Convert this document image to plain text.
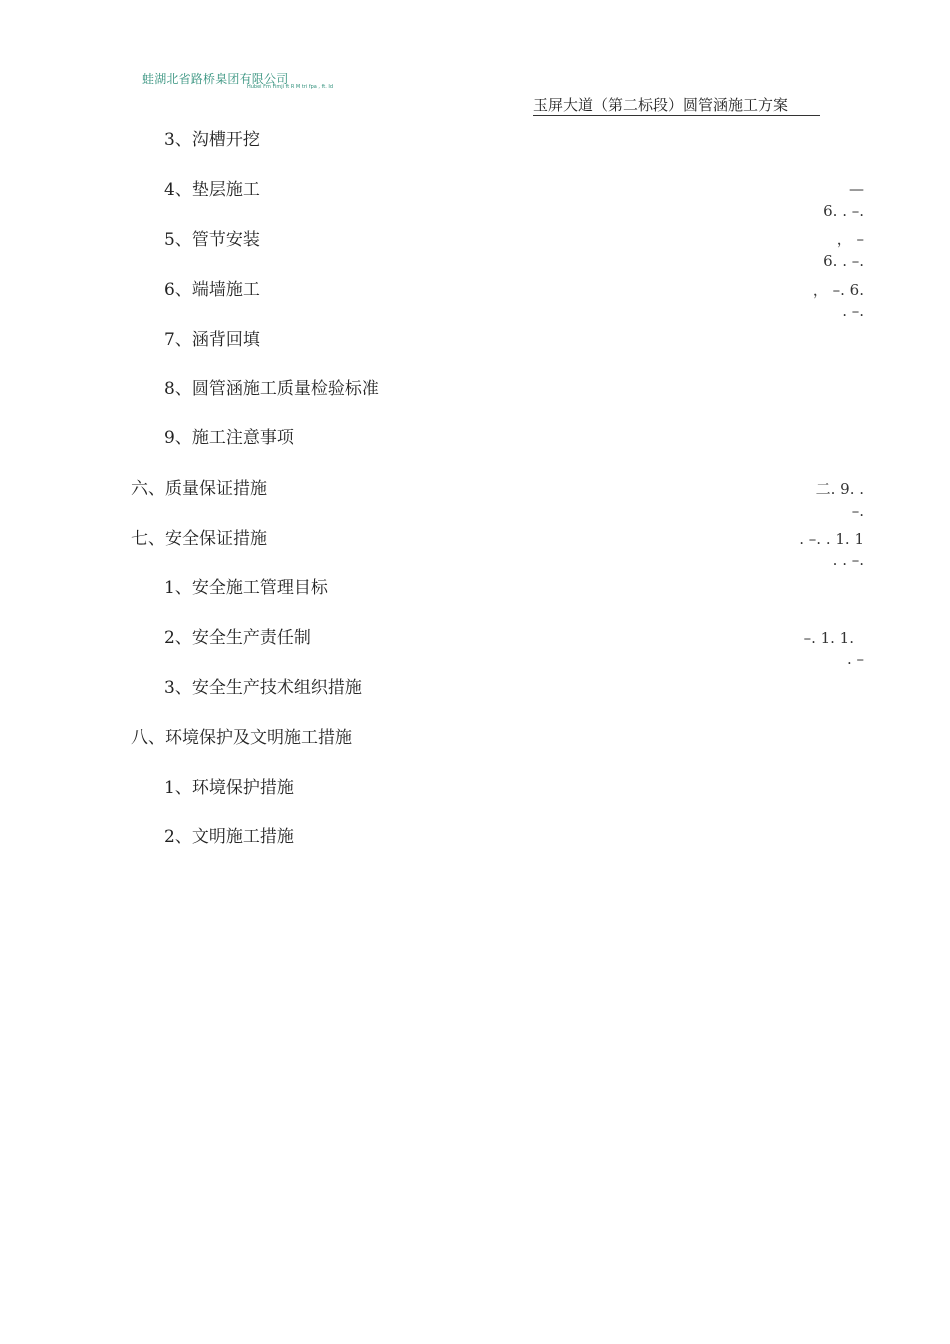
蛙湖北省路桥臬团有限公司
Hubei Fm Fimji ft R M tri fpa , ft. Id
玉屏大道（第二标段）圆管涵施工方案
3、沟槽开挖
4、垫层施工	—
6. . –.
5、管节安装	， –
6. . –.
6、端墙施工	， –. 6.
. –.
7、涵背回填
8、圆管涵施工质量检验标准
9、施工注意事项
六、质量保证措施	二. 9. .
–.
七、安全保证措施	. –. . 1. 1
. . –.
1、安全施工管理目标
2、安全生产责任制	–. 1. 1.
. –
3、安全生产技术组织措施
八、环境保护及文明施工措施
1、环境保护措施
2、文明施工措施
